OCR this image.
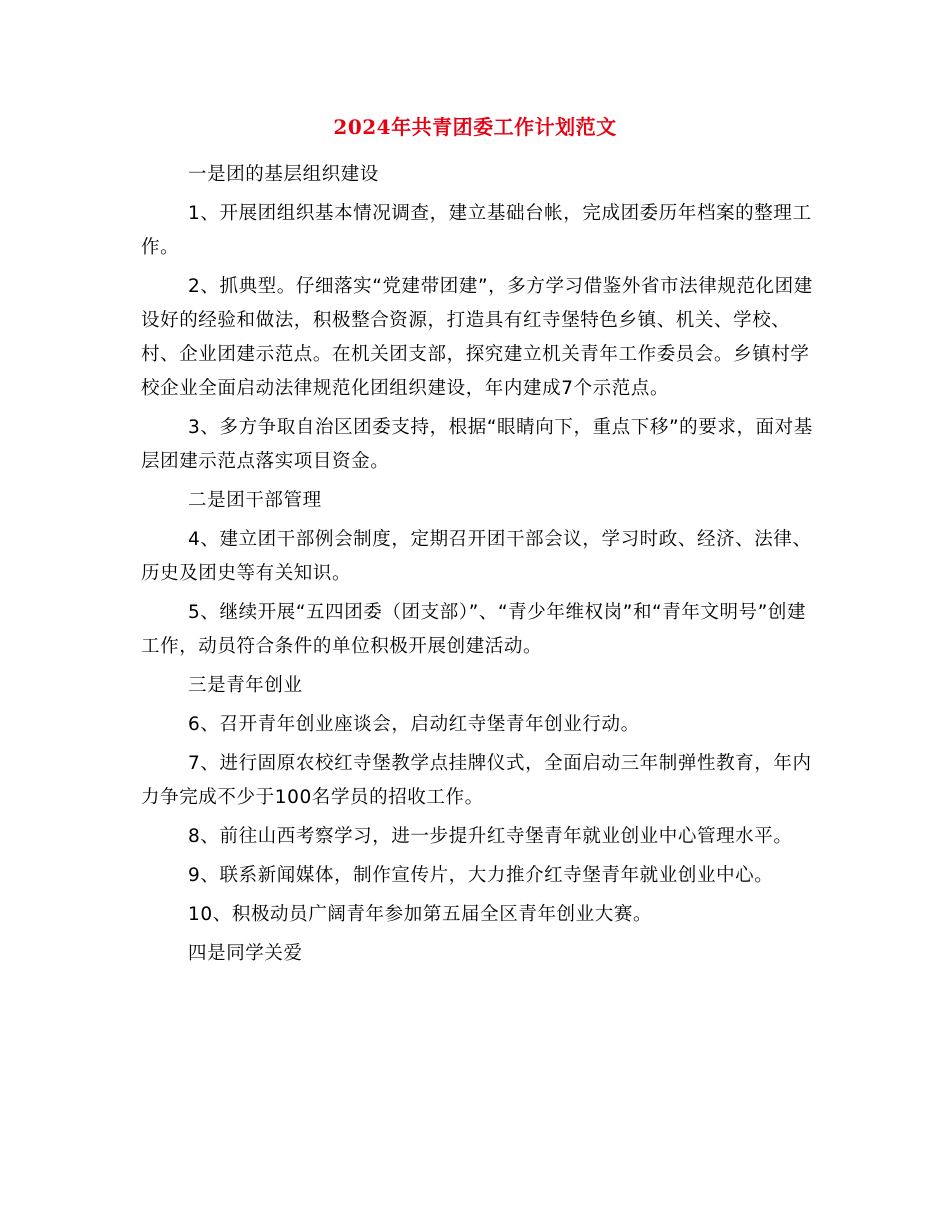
2024年共青团委工作计划范文

一是团的基层组织建设

1、开展团组织基本情况调查，建立基础台帐，完成团委历年档案的整理工作。

2、抓典型。仔细落实“党建带团建”，多方学习借鉴外省市法律规范化团建设好的经验和做法，积极整合资源，打造具有红寺堡特色乡镇、机关、学校、村、企业团建示范点。在机关团支部，探究建立机关青年工作委员会。乡镇村学校企业全面启动法律规范化团组织建设，年内建成7个示范点。

3、多方争取自治区团委支持，根据“眼睛向下，重点下移”的要求，面对基层团建示范点落实项目资金。

二是团干部管理

4、建立团干部例会制度，定期召开团干部会议，学习时政、经济、法律、历史及团史等有关知识。

5、继续开展“五四团委（团支部）”、“青少年维权岗”和“青年文明号”创建工作，动员符合条件的单位积极开展创建活动。

三是青年创业

6、召开青年创业座谈会，启动红寺堡青年创业行动。

7、进行固原农校红寺堡教学点挂牌仪式，全面启动三年制弹性教育，年内力争完成不少于100名学员的招收工作。

8、前往山西考察学习，进一步提升红寺堡青年就业创业中心管理水平。

9、联系新闻媒体，制作宣传片，大力推介红寺堡青年就业创业中心。

10、积极动员广阔青年参加第五届全区青年创业大赛。

四是同学关爱
